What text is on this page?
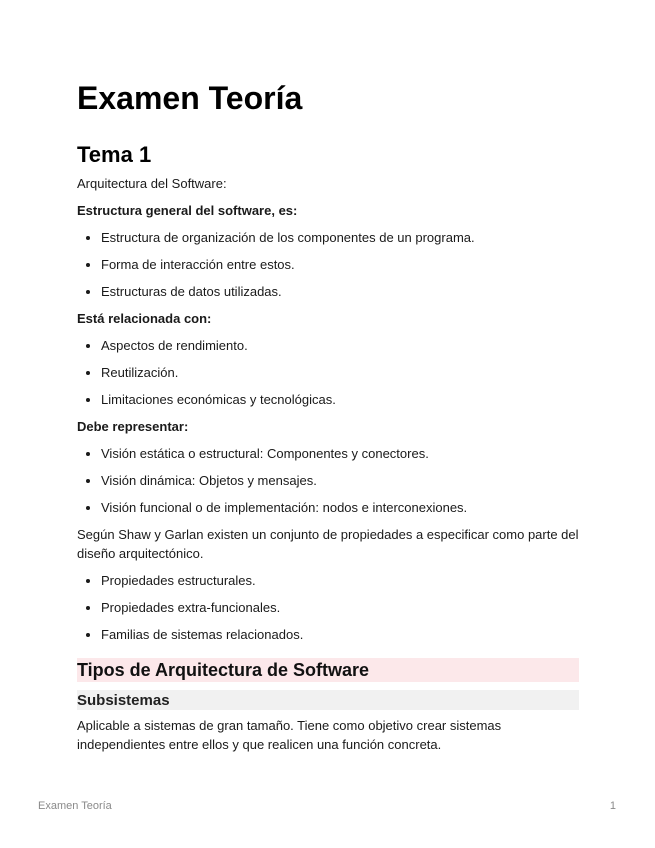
Examen Teoría
Tema 1

Arquitectura del Software:

Estructura general del software, es:

• Estructura de organización de los componentes de un programa.
• Forma de interacción entre estos.
• Estructuras de datos utilizadas.

Está relacionada con:

• Aspectos de rendimiento.
• Reutilización.
• Limitaciones económicas y tecnológicas.

Debe representar:

• Visión estática o estructural: Componentes y conectores.
• Visión dinámica: Objetos y mensajes.
• Visión funcional o de implementación: nodos e interconexiones.

Según Shaw y Garlan existen un conjunto de propiedades a especificar como parte del diseño arquitectónico.

• Propiedades estructurales.
• Propiedades extra-funcionales.
• Familias de sistemas relacionados.
Tipos de Arquitectura de Software
Subsistemas

Aplicable a sistemas de gran tamaño. Tiene como objetivo crear sistemas independientes entre ellos y que realicen una función concreta.

Examen Teoría	1
